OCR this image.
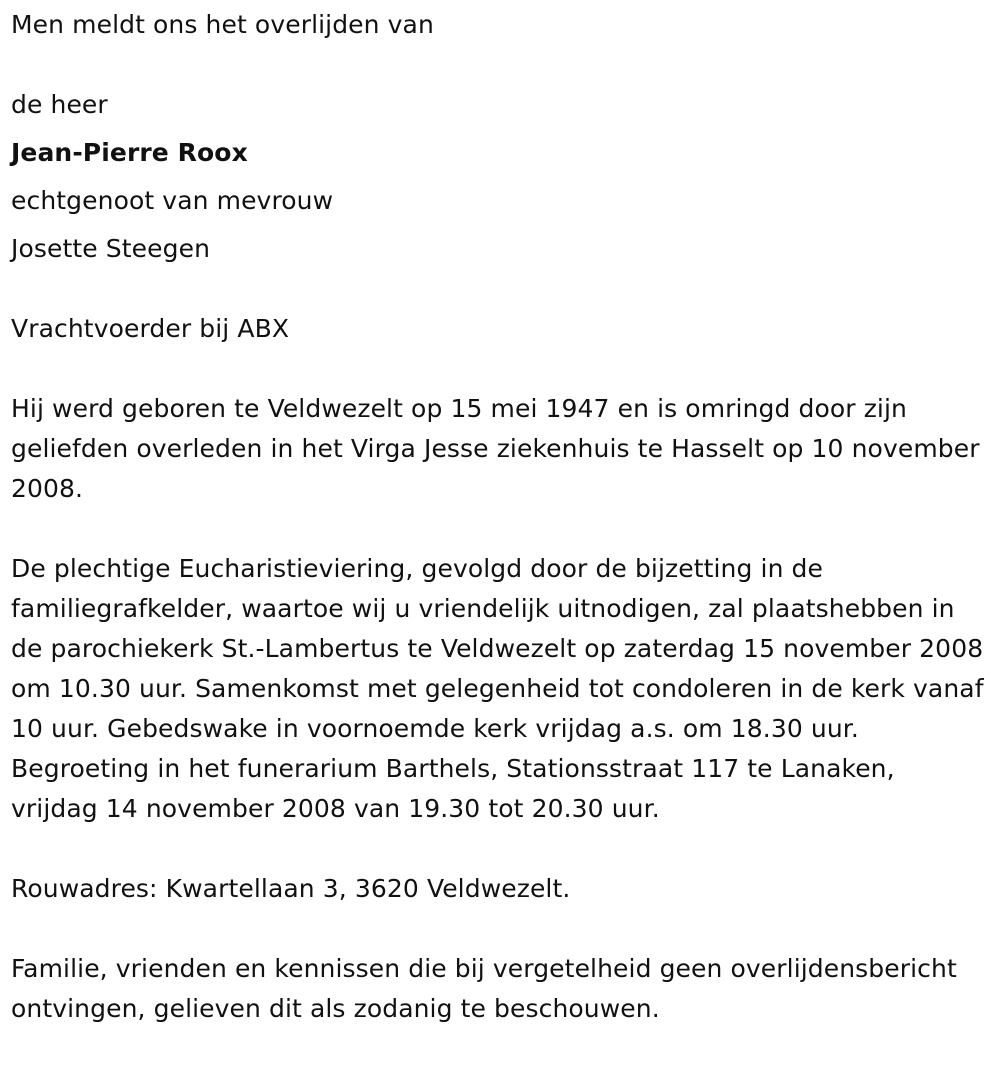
Men meldt ons het overlijden van
de heer
Jean-Pierre Roox
echtgenoot van mevrouw
Josette Steegen
Vrachtvoerder bij ABX

Hij werd geboren te Veldwezelt op 15 mei 1947 en is omringd door zijn geliefden overleden in het Virga Jesse ziekenhuis te Hasselt op 10 november 2008.

De plechtige Eucharistieviering, gevolgd door de bijzetting in de familiegrafkelder, waartoe wij u vriendelijk uitnodigen, zal plaatshebben in de parochiekerk St.-Lambertus te Veldwezelt op zaterdag 15 november 2008 om 10.30 uur. Samenkomst met gelegenheid tot condoleren in de kerk vanaf 10 uur. Gebedswake in voornoemde kerk vrijdag a.s. om 18.30 uur. Begroeting in het funerarium Barthels, Stationsstraat 117 te Lanaken, vrijdag 14 november 2008 van 19.30 tot 20.30 uur.

Rouwadres: Kwartellaan 3, 3620 Veldwezelt.

Familie, vrienden en kennissen die bij vergetelheid geen overlijdensbericht ontvingen, gelieven dit als zodanig te beschouwen.
